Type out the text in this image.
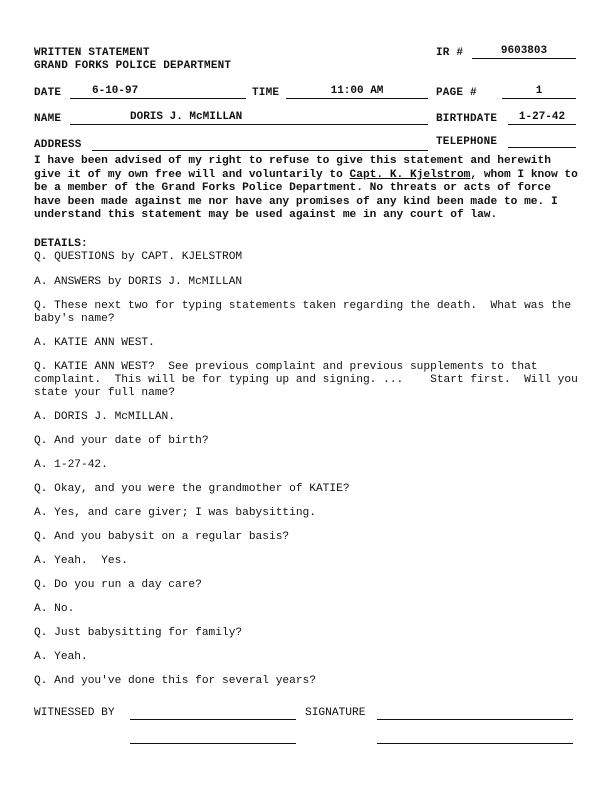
WRITTEN STATEMENT
GRAND FORKS POLICE DEPARTMENT
IR #	9603803
DATE	6-10-97	TIME	11:00 AM	PAGE #	1
NAME	DORIS J. McMILLAN	BIRTHDATE	1-27-42
ADDRESS	TELEPHONE
I have been advised of my right to refuse to give this statement and herewith give it of my own free will and voluntarily to Capt. K. Kjelstrom, whom I know to be a member of the Grand Forks Police Department. No threats or acts of force have been made against me nor have any promises of any kind been made to me. I understand this statement may be used against me in any court of law.
DETAILS:
Q. QUESTIONS by CAPT. KJELSTROM
A. ANSWERS by DORIS J. McMILLAN
Q. These next two for typing statements taken regarding the death.  What was the baby's name?
A. KATIE ANN WEST.
Q. KATIE ANN WEST?  See previous complaint and previous supplements to that complaint.  This will be for typing up and signing. ...    Start first.  Will you state your full name?
A. DORIS J. McMILLAN.
Q. And your date of birth?
A. 1-27-42.
Q. Okay, and you were the grandmother of KATIE?
A. Yes, and care giver; I was babysitting.
Q. And you babysit on a regular basis?
A. Yeah.  Yes.
Q. Do you run a day care?
A. No.
Q. Just babysitting for family?
A. Yeah.
Q. And you've done this for several years?
WITNESSED BY	SIGNATURE
